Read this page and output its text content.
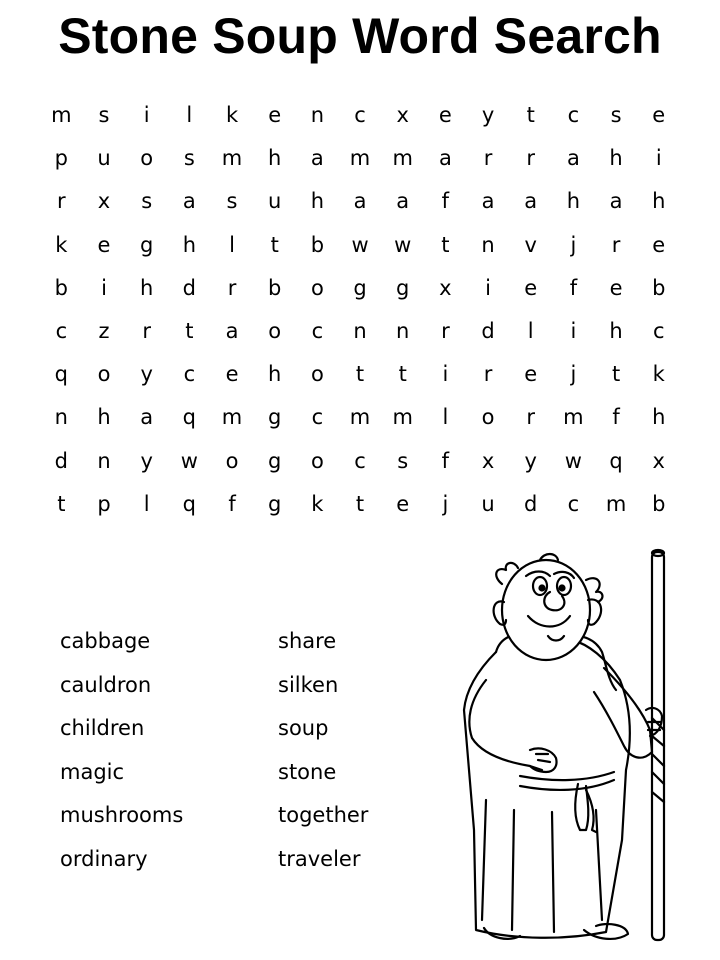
Stone Soup Word Search
m	s	i	l	k	e	n	c	x	e	y	t	c	s	e
p	u	o	s	m	h	a	m	m	a	r	r	a	h	i
r	x	s	a	s	u	h	a	a	f	a	a	h	a	h
k	e	g	h	l	t	b	w	w	t	n	v	j	r	e
b	i	h	d	r	b	o	g	g	x	i	e	f	e	b
c	z	r	t	a	o	c	n	n	r	d	l	i	h	c
q	o	y	c	e	h	o	t	t	i	r	e	j	t	k
n	h	a	q	m	g	c	m	m	l	o	r	m	f	h
d	n	y	w	o	g	o	c	s	f	x	y	w	q	x
t	p	l	q	f	g	k	t	e	j	u	d	c	m	b
cabbage
cauldron
children
magic
mushrooms
ordinary
share
silken
soup
stone
together
traveler
